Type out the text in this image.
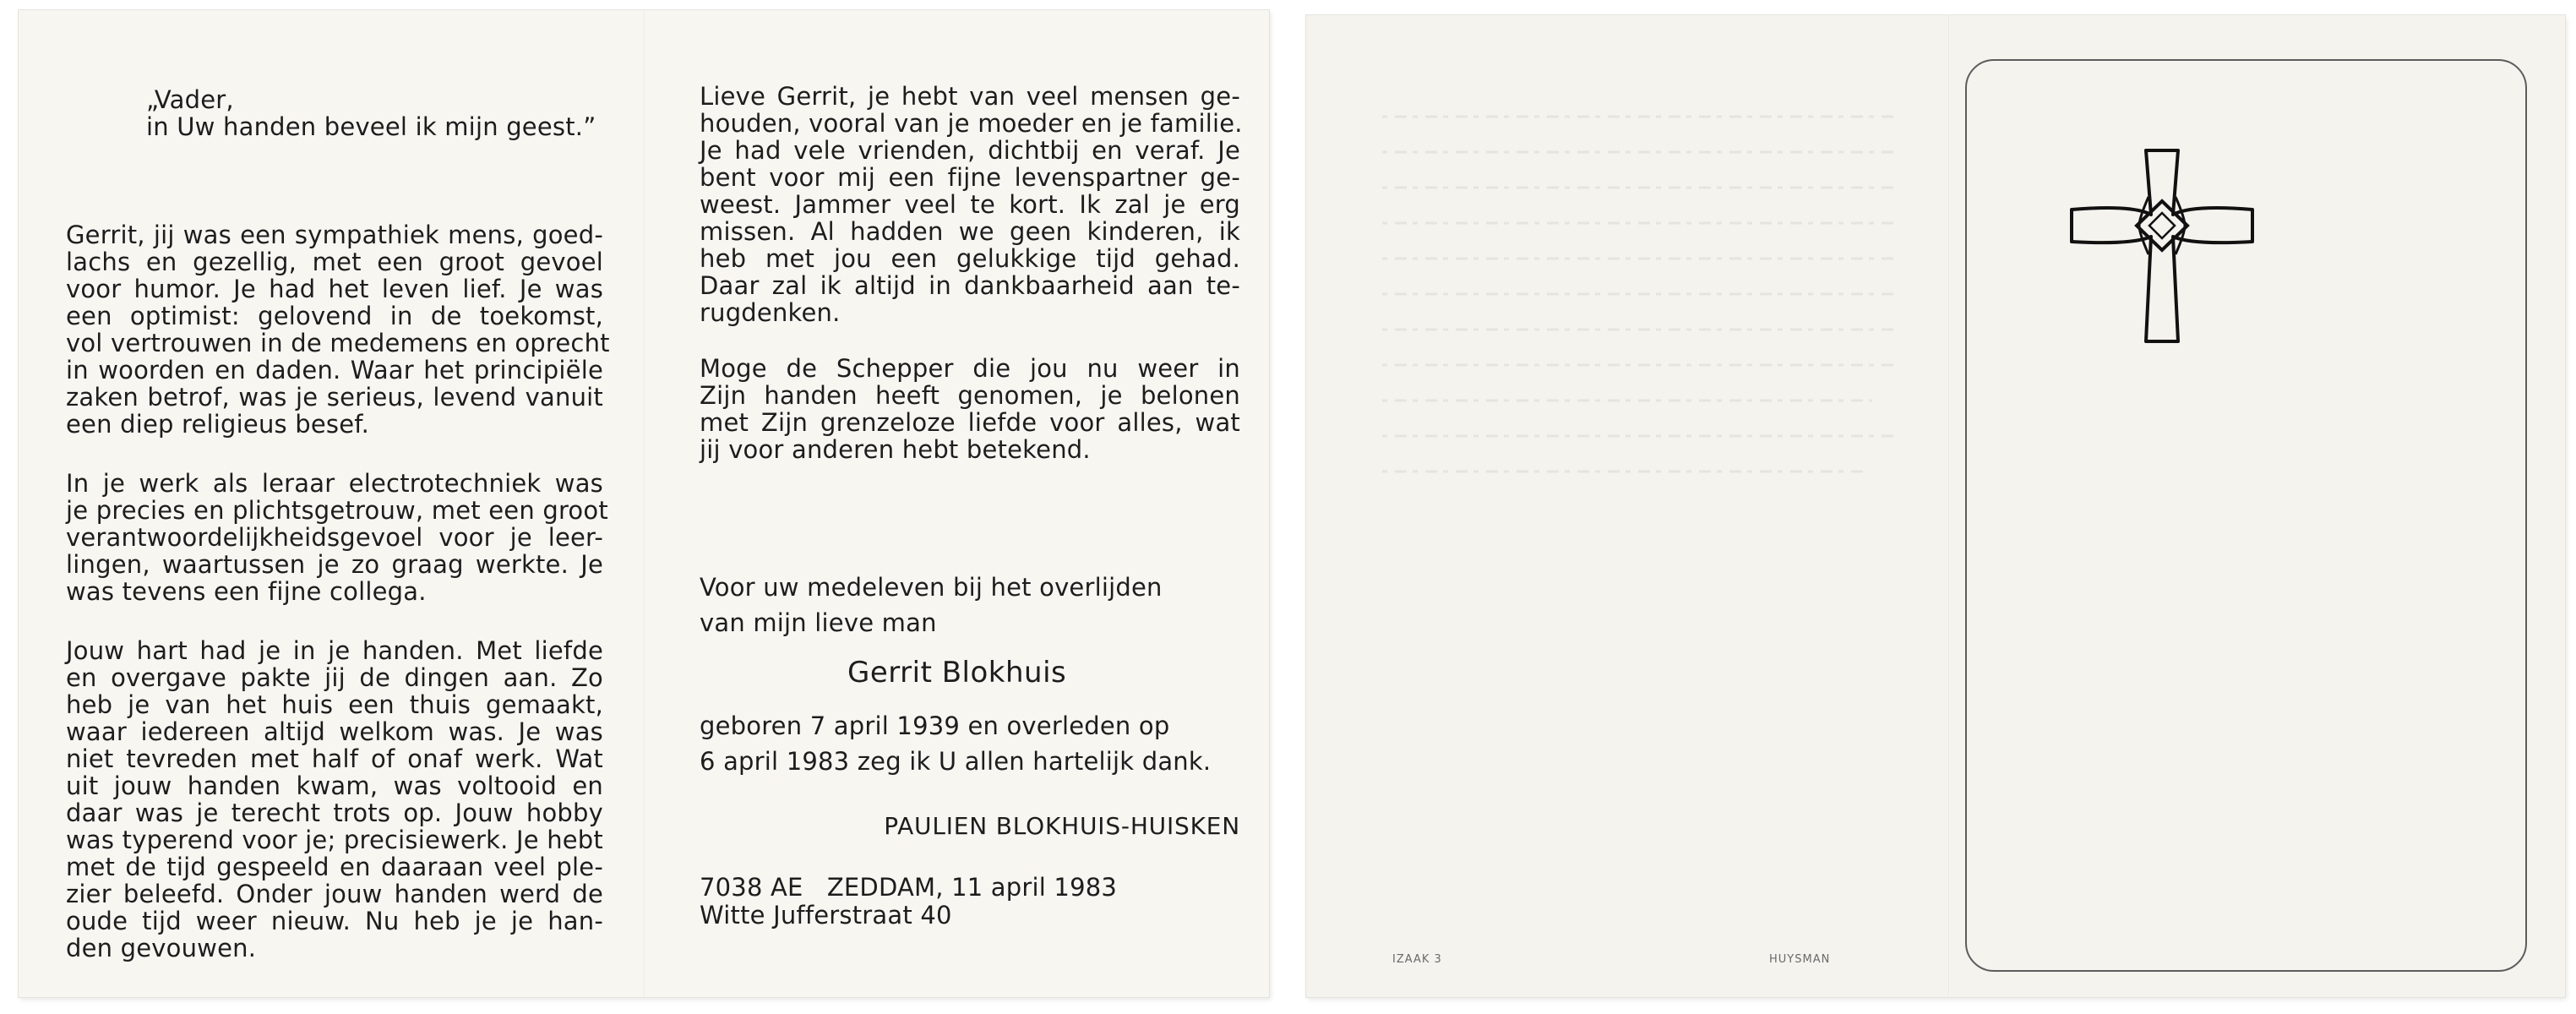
„Vader,
in Uw handen beveel ik mijn geest.”
Gerrit, jij was een sympathiek mens, goed-
lachs en gezellig, met een groot gevoel
voor humor. Je had het leven lief. Je was
een optimist: gelovend in de toekomst,
vol vertrouwen in de medemens en oprecht
in woorden en daden. Waar het principiële
zaken betrof, was je serieus, levend vanuit
een diep religieus besef.
In je werk als leraar electrotechniek was
je precies en plichtsgetrouw, met een groot
verantwoordelijkheidsgevoel voor je leer-
lingen, waartussen je zo graag werkte. Je
was tevens een fijne collega.
Jouw hart had je in je handen. Met liefde
en overgave pakte jij de dingen aan. Zo
heb je van het huis een thuis gemaakt,
waar iedereen altijd welkom was. Je was
niet tevreden met half of onaf werk. Wat
uit jouw handen kwam, was voltooid en
daar was je terecht trots op. Jouw hobby
was typerend voor je; precisiewerk. Je hebt
met de tijd gespeeld en daaraan veel ple-
zier beleefd. Onder jouw handen werd de
oude tijd weer nieuw. Nu heb je je han-
den gevouwen.
Lieve Gerrit, je hebt van veel mensen ge-
houden, vooral van je moeder en je familie.
Je had vele vrienden, dichtbij en veraf. Je
bent voor mij een fijne levenspartner ge-
weest. Jammer veel te kort. Ik zal je erg
missen. Al hadden we geen kinderen, ik
heb met jou een gelukkige tijd gehad.
Daar zal ik altijd in dankbaarheid aan te-
rugdenken.
Moge de Schepper die jou nu weer in
Zijn handen heeft genomen, je belonen
met Zijn grenzeloze liefde voor alles, wat
jij voor anderen hebt betekend.
Voor uw medeleven bij het overlijden
van mijn lieve man
Gerrit Blokhuis
geboren 7 april 1939 en overleden op
6 april 1983 zeg ik U allen hartelijk dank.
PAULIEN BLOKHUIS-HUISKEN
7038 AE   ZEDDAM, 11 april 1983
Witte Jufferstraat 40
IZAAK 3	HUYSMAN
